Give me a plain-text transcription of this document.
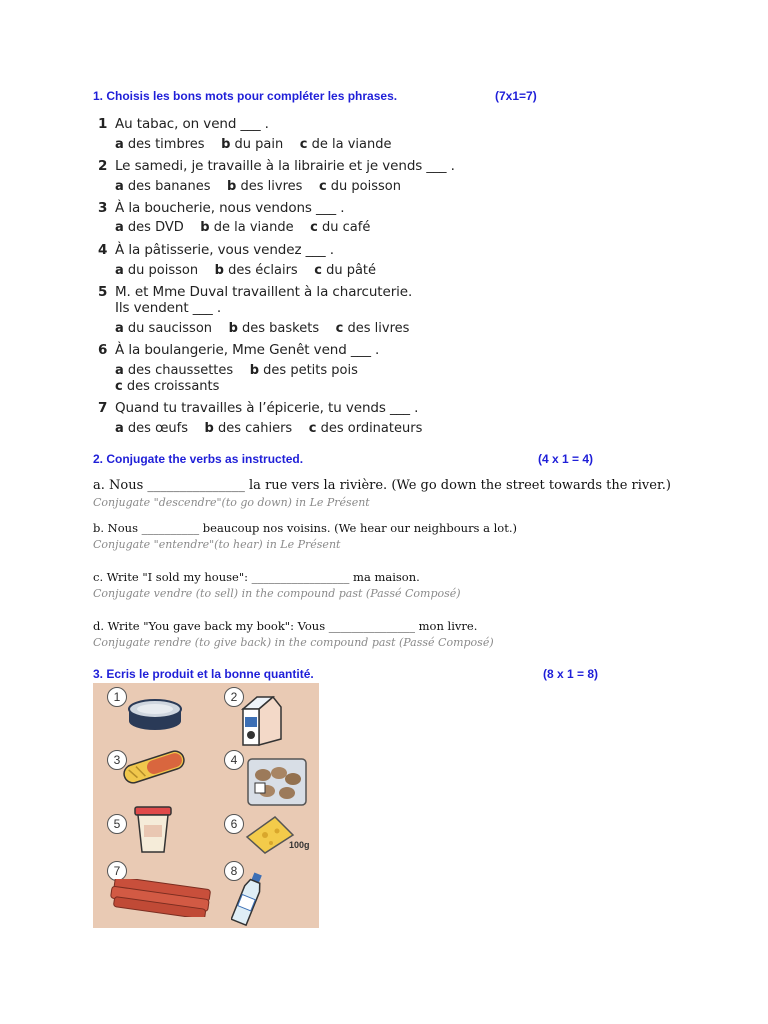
1. Choisis les bons mots pour compléter les phrases.	(7x1=7)
1 Au tabac, on vend ___ .
a des timbres b du pain c de la viande
2 Le samedi, je travaille à la librairie et je vends ___ .
a des bananes b des livres c du poisson
3 À la boucherie, nous vendons ___ .
a des DVD b de la viande c du café
4 À la pâtisserie, vous vendez ___ .
a du poisson b des éclairs c du pâté
5 M. et Mme Duval travaillent à la charcuterie.
Ils vendent ___ .
a du saucisson b des baskets c des livres
6 À la boulangerie, Mme Genêt vend ___ .
a des chaussettes b des petits pois
c des croissants
7 Quand tu travailles à l’épicerie, tu vends ___ .
a des œufs b des cahiers c des ordinateurs
2. Conjugate the verbs as instructed.	(4 x 1 = 4)
a. Nous _______________ la rue vers la rivière. (We go down the street towards the river.)
Conjugate "descendre"(to go down) in Le Présent
b. Nous __________ beaucoup nos voisins. (We hear our neighbours a lot.)
Conjugate "entendre"(to hear) in Le Présent
c. Write "I sold my house": _________________ ma maison.
Conjugate vendre (to sell) in the compound past (Passé Composé)
d. Write "You gave back my book": Vous _______________ mon livre.
Conjugate rendre (to give back) in the compound past (Passé Composé)
3. Ecris le produit et la bonne quantité.	(8 x 1 = 8)
1	2
3	4
5	6
7	8
100g
